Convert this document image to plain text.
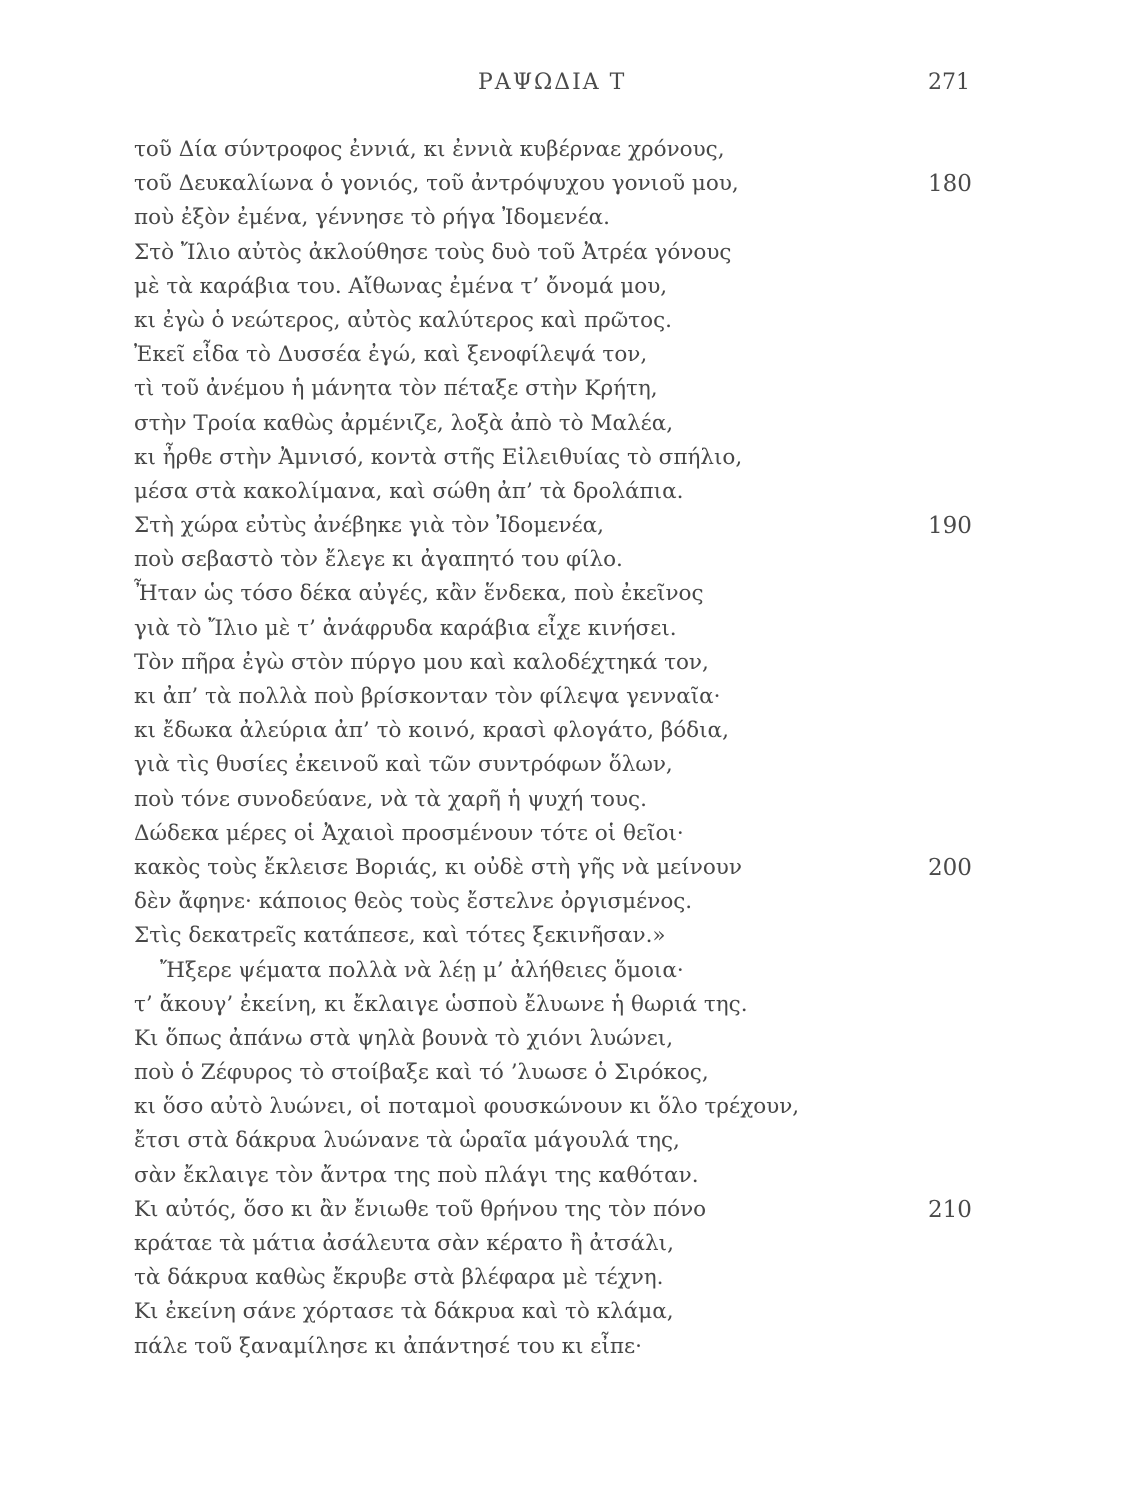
ΡΑΨΩΔΙΑ Τ	271
τοῦ Δία σύντροφος ἐννιά, κι ἐννιὰ κυβέρναε χρόνους,
τοῦ Δευκαλίωνα ὁ γονιός, τοῦ ἀντρόψυχου γονιοῦ μου,	180
ποὺ ἐξὸν ἐμένα, γέννησε τὸ ρήγα Ἰδομενέα.
Στὸ Ἴλιο αὐτὸς ἀκλούθησε τοὺς δυὸ τοῦ Ἀτρέα γόνους
μὲ τὰ καράβια του. Αἴθωνας ἐμένα τ’ ὄνομά μου,
κι ἐγὼ ὁ νεώτερος, αὐτὸς καλύτερος καὶ πρῶτος.
Ἐκεῖ εἶδα τὸ Δυσσέα ἐγώ, καὶ ξενοφίλεψά τον,
τὶ τοῦ ἀνέμου ἡ μάνητα τὸν πέταξε στὴν Κρήτη,
στὴν Τροία καθὼς ἀρμένιζε, λοξὰ ἀπὸ τὸ Μαλέα,
κι ἦρθε στὴν Ἀμνισό, κοντὰ στῆς Εἰλειθυίας τὸ σπήλιο,
μέσα στὰ κακολίμανα, καὶ σώθη ἀπ’ τὰ δρολάπια.
Στὴ χώρα εὐτὺς ἀνέβηκε γιὰ τὸν Ἰδομενέα,	190
ποὺ σεβαστὸ τὸν ἔλεγε κι ἀγαπητό του φίλο.
Ἦταν ὡς τόσο δέκα αὐγές, κἂν ἕνδεκα, ποὺ ἐκεῖνος
γιὰ τὸ Ἴλιο μὲ τ’ ἀνάφρυδα καράβια εἶχε κινήσει.
Τὸν πῆρα ἐγὼ στὸν πύργο μου καὶ καλοδέχτηκά τον,
κι ἀπ’ τὰ πολλὰ ποὺ βρίσκονταν τὸν φίλεψα γενναῖα·
κι ἔδωκα ἀλεύρια ἀπ’ τὸ κοινό, κρασὶ φλογάτο, βόδια,
γιὰ τὶς θυσίες ἐκεινοῦ καὶ τῶν συντρόφων ὅλων,
ποὺ τόνε συνοδεύανε, νὰ τὰ χαρῆ ἡ ψυχή τους.
Δώδεκα μέρες οἱ Ἀχαιοὶ προσμένουν τότε οἱ θεῖοι·
κακὸς τοὺς ἔκλεισε Βοριάς, κι οὐδὲ στὴ γῆς νὰ μείνουν	200
δὲν ἄφηνε· κάποιος θεὸς τοὺς ἔστελνε ὀργισμένος.
Στὶς δεκατρεῖς κατάπεσε, καὶ τότες ξεκινῆσαν.»
Ἤξερε ψέματα πολλὰ νὰ λέῃ μ’ ἀλήθειες ὅμοια·
τ’ ἄκουγ’ ἐκείνη, κι ἔκλαιγε ὡσποὺ ἔλυωνε ἡ θωριά της.
Κι ὅπως ἀπάνω στὰ ψηλὰ βουνὰ τὸ χιόνι λυώνει,
ποὺ ὁ Ζέφυρος τὸ στοίβαξε καὶ τό ’λυωσε ὁ Σιρόκος,
κι ὅσο αὐτὸ λυώνει, οἱ ποταμοὶ φουσκώνουν κι ὅλο τρέχουν,
ἔτσι στὰ δάκρυα λυώνανε τὰ ὡραῖα μάγουλά της,
σὰν ἔκλαιγε τὸν ἄντρα της ποὺ πλάγι της καθόταν.
Κι αὐτός, ὅσο κι ἂν ἔνιωθε τοῦ θρήνου της τὸν πόνο	210
κράταε τὰ μάτια ἀσάλευτα σὰν κέρατο ἢ ἀτσάλι,
τὰ δάκρυα καθὼς ἔκρυβε στὰ βλέφαρα μὲ τέχνη.
Κι ἐκείνη σάνε χόρτασε τὰ δάκρυα καὶ τὸ κλάμα,
πάλε τοῦ ξαναμίλησε κι ἀπάντησέ του κι εἶπε·
